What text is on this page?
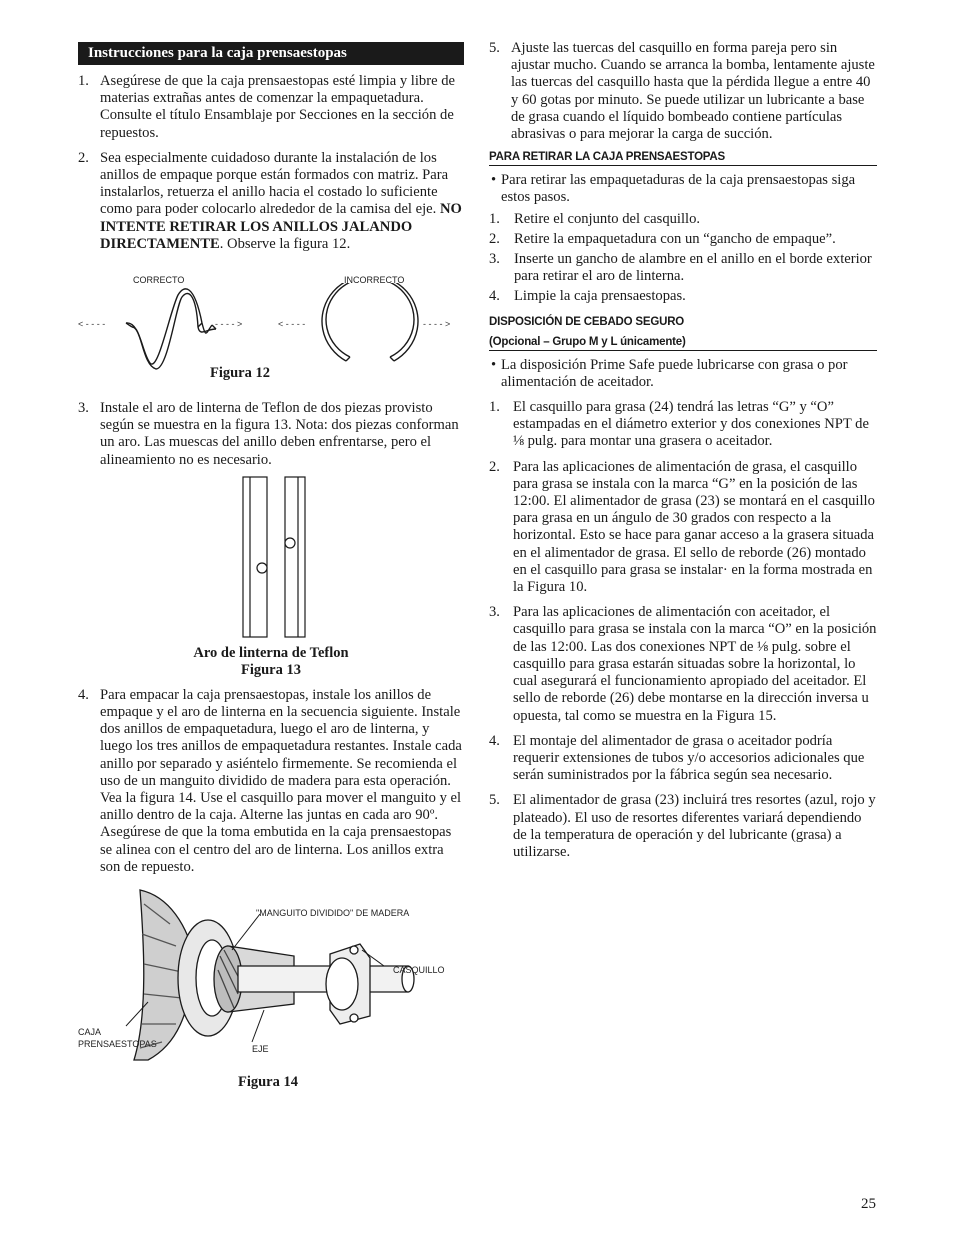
Instrucciones para la caja prensaestopas
1. Asegúrese de que la caja prensaestopas esté limpia y libre de materias extrañas antes de comenzar la empaquetadura. Consulte el título Ensamblaje por Secciones en la sección de repuestos.
2. Sea especialmente cuidadoso durante la instalación de los anillos de empaque porque están formados con matriz. Para instalarlos, retuerza el anillo hacia el costado lo suficiente como para poder colocarlo alrededor de la camisa del eje. NO INTENTE RETIRAR LOS ANILLOS JALANDO DIRECTAMENTE. Observe la figura 12.
CORRECTO	INCORRECTO
< - - - -	- - - - >	< - - - -	- - - - >
Figura 12
3. Instale el aro de linterna de Teflon de dos piezas provisto según se muestra en la figura 13. Nota: dos piezas conforman un aro. Las muescas del anillo deben enfrentarse, pero el alineamiento no es necesario.
Aro de linterna de Teflon
Figura 13
4. Para empacar la caja prensaestopas, instale los anillos de empaque y el aro de linterna en la secuencia siguiente. Instale dos anillos de empaquetadura, luego el aro de linterna, y luego los tres anillos de empaquetadura restantes. Instale cada anillo por separado y asiéntelo firmemente. Se recomienda el uso de un manguito dividido de madera para esta operación. Vea la figura 14. Use el casquillo para mover el manguito y el anillo dentro de la caja. Alterne las juntas en cada aro 90º. Asegúrese de que la toma embutida en la caja prensaestopas se alinea con el centro del aro de linterna. Los anillos extra son de repuesto.
"MANGUITO DIVIDIDO" DE MADERA
CASQUILLO
CAJA
PRENSAESTOPAS	EJE
Figura 14
5. Ajuste las tuercas del casquillo en forma pareja pero sin ajustar mucho. Cuando se arranca la bomba, lentamente ajuste las tuercas del casquillo hasta que la pérdida llegue a entre 40 y 60 gotas por minuto. Se puede utilizar un lubricante a base de grasa cuando el líquido bombeado contiene partículas abrasivas o para mejorar la carga de succión.
PARA RETIRAR LA CAJA PRENSAESTOPAS
• Para retirar las empaquetaduras de la caja prensaestopas siga estos pasos.
1. Retire el conjunto del casquillo.
2. Retire la empaquetadura con un “gancho de empaque”.
3. Inserte un gancho de alambre en el anillo en el borde exterior para retirar el aro de linterna.
4. Limpie la caja prensaestopas.
DISPOSICIÓN DE CEBADO SEGURO
(Opcional – Grupo M y L únicamente)
• La disposición Prime Safe puede lubricarse con grasa o por alimentación de aceitador.
1. El casquillo para grasa (24) tendrá las letras “G” y “O” estampadas en el diámetro exterior y dos conexiones NPT de ⅛ pulg. para montar una grasera o aceitador.
2. Para las aplicaciones de alimentación de grasa, el casquillo para grasa se instala con la marca “G” en la posición de las 12:00. El alimentador de grasa (23) se montará en el casquillo para grasa en un ángulo de 30 grados con respecto a la horizontal. Esto se hace para ganar acceso a la grasera situada en el alimentador de grasa. El sello de reborde (26) montado en el casquillo para grasa se instalar· en la forma mostrada en la Figura 10.
3. Para las aplicaciones de alimentación con aceitador, el casquillo para grasa se instala con la marca “O” en la posición de las 12:00. Las dos conexiones NPT de ⅛ pulg. sobre el casquillo para grasa estarán situadas sobre la horizontal, lo cual asegurará el funcionamiento apropiado del aceitador. El sello de reborde (26) debe montarse en la dirección inversa u opuesta, tal como se muestra en la Figura 15.
4. El montaje del alimentador de grasa o aceitador podría requerir extensiones de tubos y/o accesorios adicionales que serán suministrados por la fábrica según sea necesario.
5. El alimentador de grasa (23) incluirá tres resortes (azul, rojo y plateado). El uso de resortes diferentes variará dependiendo de la temperatura de operación y del lubricante (grasa) a utilizarse.
25
